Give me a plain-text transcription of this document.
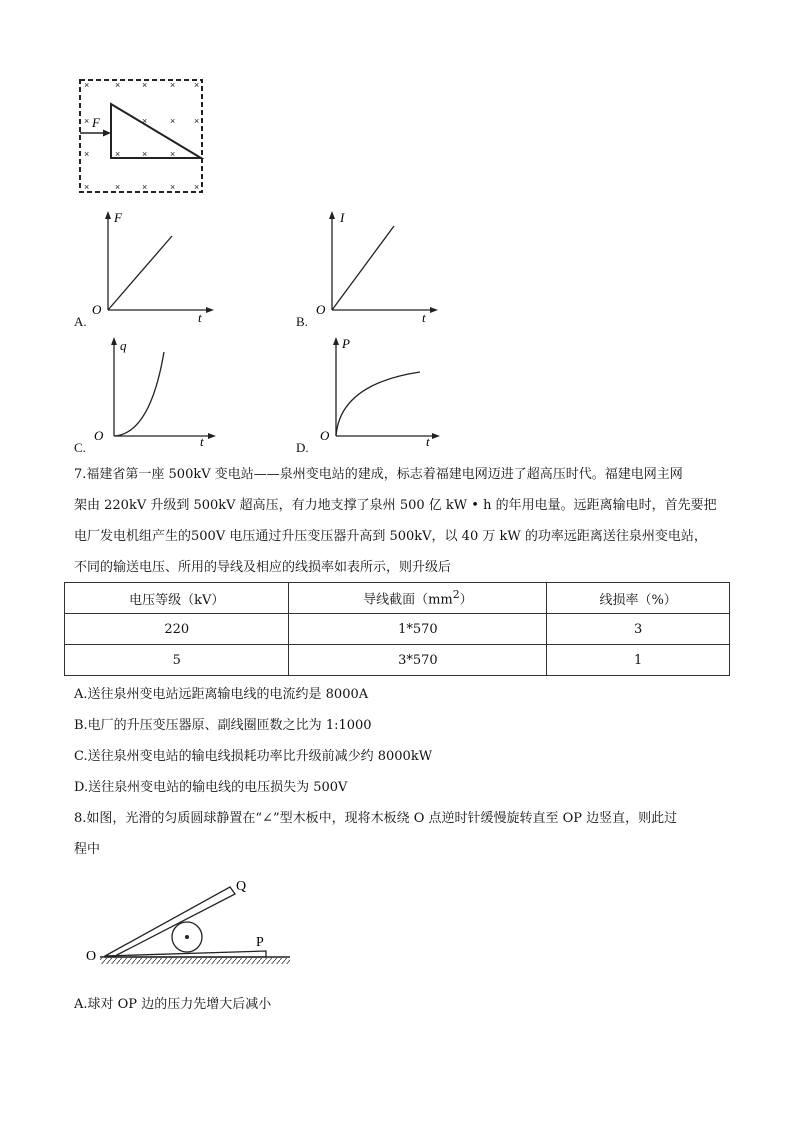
×	× ×	× ×
×	×	× ×
×	× ×	×
×	× ×	× ×
F
A.
F
t
O
B.
I
t
O
C.
q
t
O
D.
P
t
O
7.福建省第一座 500kV 变电站——泉州变电站的建成，标志着福建电网迈进了超高压时代。福建电网主网
架由 220kV 升级到 500kV 超高压，有力地支撑了泉州 500 亿 kW • h 的年用电量。远距离输电时，首先要把
电厂发电机组产生的500V 电压通过升压变压器升高到 500kV，以 40 万 kW 的功率远距离送往泉州变电站，
不同的输送电压、所用的导线及相应的线损率如表所示，则升级后
电压等级（kV）	导线截面$(mm^2)$	线损率（%）
220	1*570	3
5	3*570	1
A.送往泉州变电站远距离输电线的电流约是 8000A
B.电厂的升压变压器原、副线圈匝数之比为 1:1000
C.送往泉州变电站的输电线损耗功率比升级前减少约 8000kW
D.送往泉州变电站的输电线的电压损失为 500V
8.如图，光滑的匀质圆球静置在“∠”型木板中，现将木板绕 O 点逆时针缓慢旋转直至 OP 边竖直，则此过
程中
O
P
Q
A.球对 OP 边的压力先增大后减小
